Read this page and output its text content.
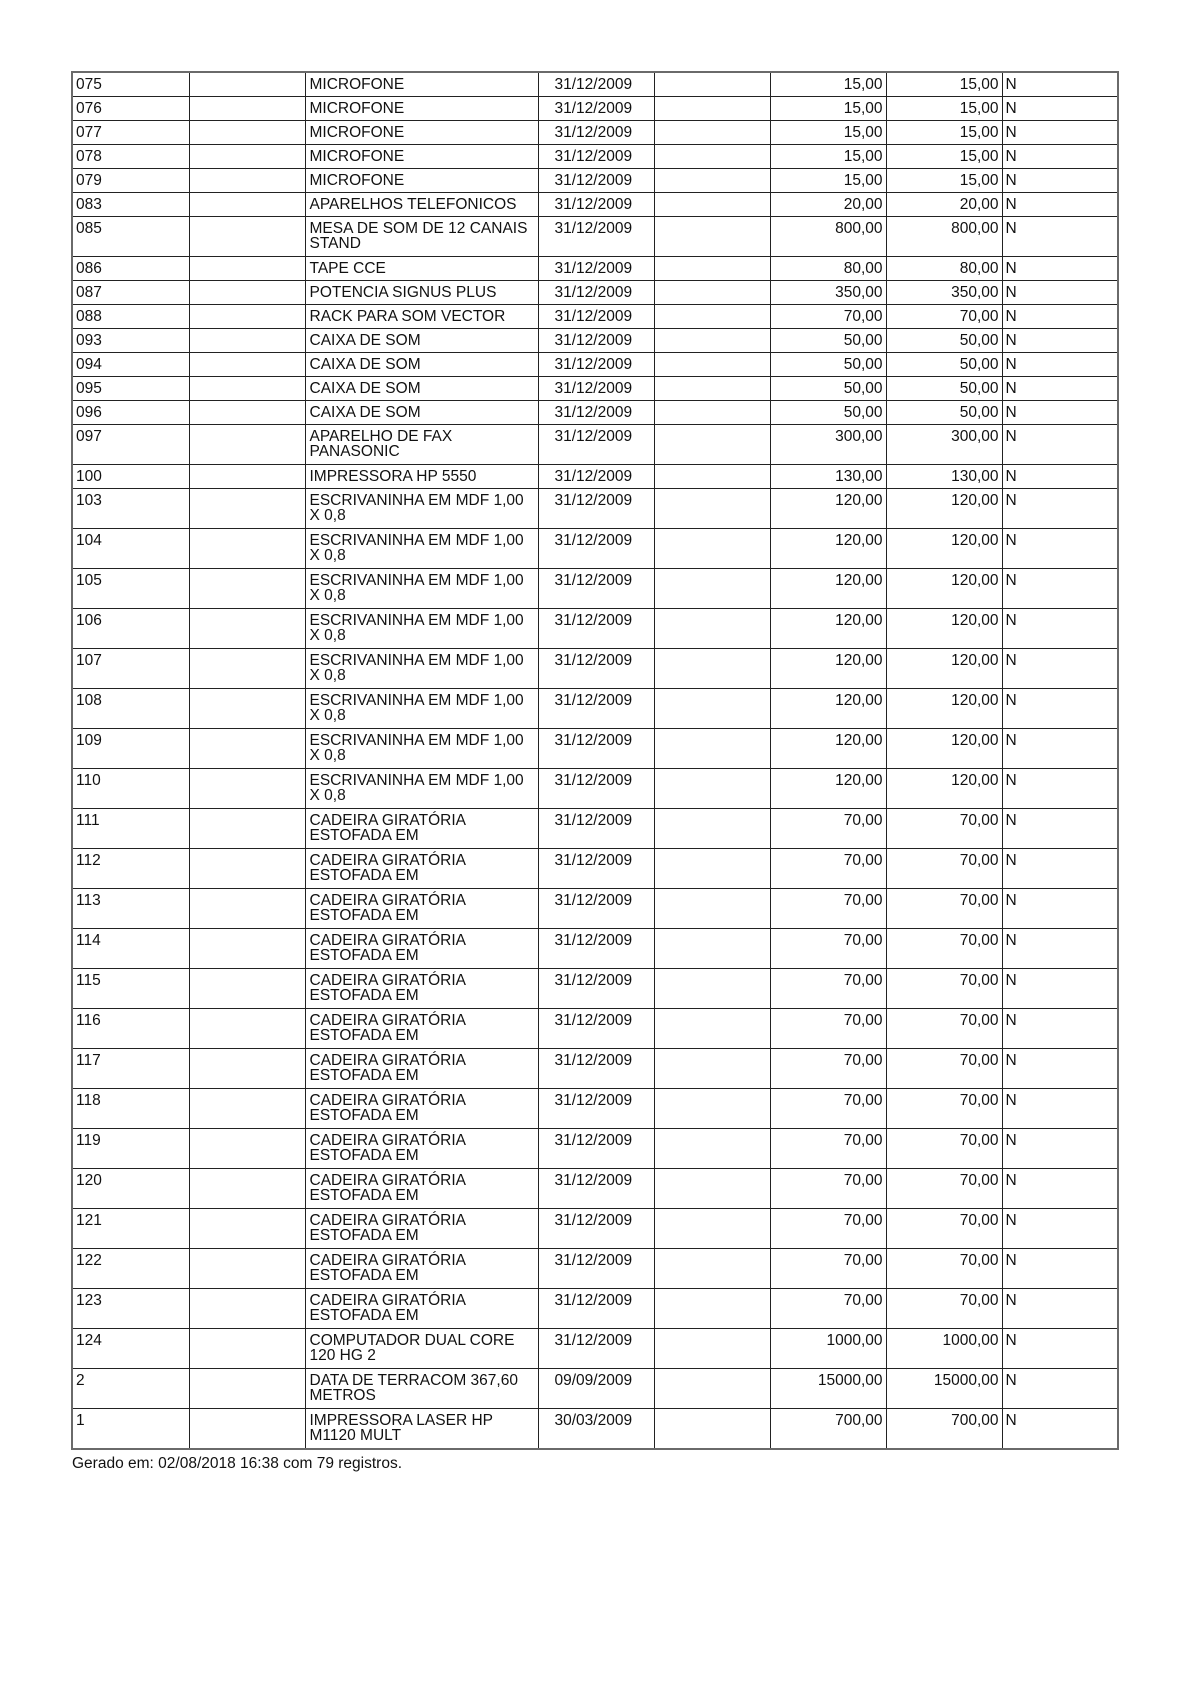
075		MICROFONE	31/12/2009		15,00	15,00	N
076		MICROFONE	31/12/2009		15,00	15,00	N
077		MICROFONE	31/12/2009		15,00	15,00	N
078		MICROFONE	31/12/2009		15,00	15,00	N
079		MICROFONE	31/12/2009		15,00	15,00	N
083		APARELHOS TELEFONICOS	31/12/2009		20,00	20,00	N
085		MESA DE SOM DE 12 CANAIS STAND	31/12/2009		800,00	800,00	N
086		TAPE CCE	31/12/2009		80,00	80,00	N
087		POTENCIA SIGNUS PLUS	31/12/2009		350,00	350,00	N
088		RACK PARA SOM VECTOR	31/12/2009		70,00	70,00	N
093		CAIXA DE SOM	31/12/2009		50,00	50,00	N
094		CAIXA DE SOM	31/12/2009		50,00	50,00	N
095		CAIXA DE SOM	31/12/2009		50,00	50,00	N
096		CAIXA DE SOM	31/12/2009		50,00	50,00	N
097		APARELHO DE FAX PANASONIC	31/12/2009		300,00	300,00	N
100		IMPRESSORA HP 5550	31/12/2009		130,00	130,00	N
103		ESCRIVANINHA EM MDF 1,00 X 0,8	31/12/2009		120,00	120,00	N
104		ESCRIVANINHA EM MDF 1,00 X 0,8	31/12/2009		120,00	120,00	N
105		ESCRIVANINHA EM MDF 1,00 X 0,8	31/12/2009		120,00	120,00	N
106		ESCRIVANINHA EM MDF 1,00 X 0,8	31/12/2009		120,00	120,00	N
107		ESCRIVANINHA EM MDF 1,00 X 0,8	31/12/2009		120,00	120,00	N
108		ESCRIVANINHA EM MDF 1,00 X 0,8	31/12/2009		120,00	120,00	N
109		ESCRIVANINHA EM MDF 1,00 X 0,8	31/12/2009		120,00	120,00	N
110		ESCRIVANINHA EM MDF 1,00 X 0,8	31/12/2009		120,00	120,00	N
111		CADEIRA GIRATÓRIA ESTOFADA EM	31/12/2009		70,00	70,00	N
112		CADEIRA GIRATÓRIA ESTOFADA EM	31/12/2009		70,00	70,00	N
113		CADEIRA GIRATÓRIA ESTOFADA EM	31/12/2009		70,00	70,00	N
114		CADEIRA GIRATÓRIA ESTOFADA EM	31/12/2009		70,00	70,00	N
115		CADEIRA GIRATÓRIA ESTOFADA EM	31/12/2009		70,00	70,00	N
116		CADEIRA GIRATÓRIA ESTOFADA EM	31/12/2009		70,00	70,00	N
117		CADEIRA GIRATÓRIA ESTOFADA EM	31/12/2009		70,00	70,00	N
118		CADEIRA GIRATÓRIA ESTOFADA EM	31/12/2009		70,00	70,00	N
119		CADEIRA GIRATÓRIA ESTOFADA EM	31/12/2009		70,00	70,00	N
120		CADEIRA GIRATÓRIA ESTOFADA EM	31/12/2009		70,00	70,00	N
121		CADEIRA GIRATÓRIA ESTOFADA EM	31/12/2009		70,00	70,00	N
122		CADEIRA GIRATÓRIA ESTOFADA EM	31/12/2009		70,00	70,00	N
123		CADEIRA GIRATÓRIA ESTOFADA EM	31/12/2009		70,00	70,00	N
124		COMPUTADOR DUAL CORE 120 HG 2	31/12/2009		1000,00	1000,00	N
2		DATA DE TERRACOM 367,60 METROS	09/09/2009		15000,00	15000,00	N
1		IMPRESSORA LASER HP M1120 MULT	30/03/2009		700,00	700,00	N
Gerado em: 02/08/2018 16:38 com 79 registros.
